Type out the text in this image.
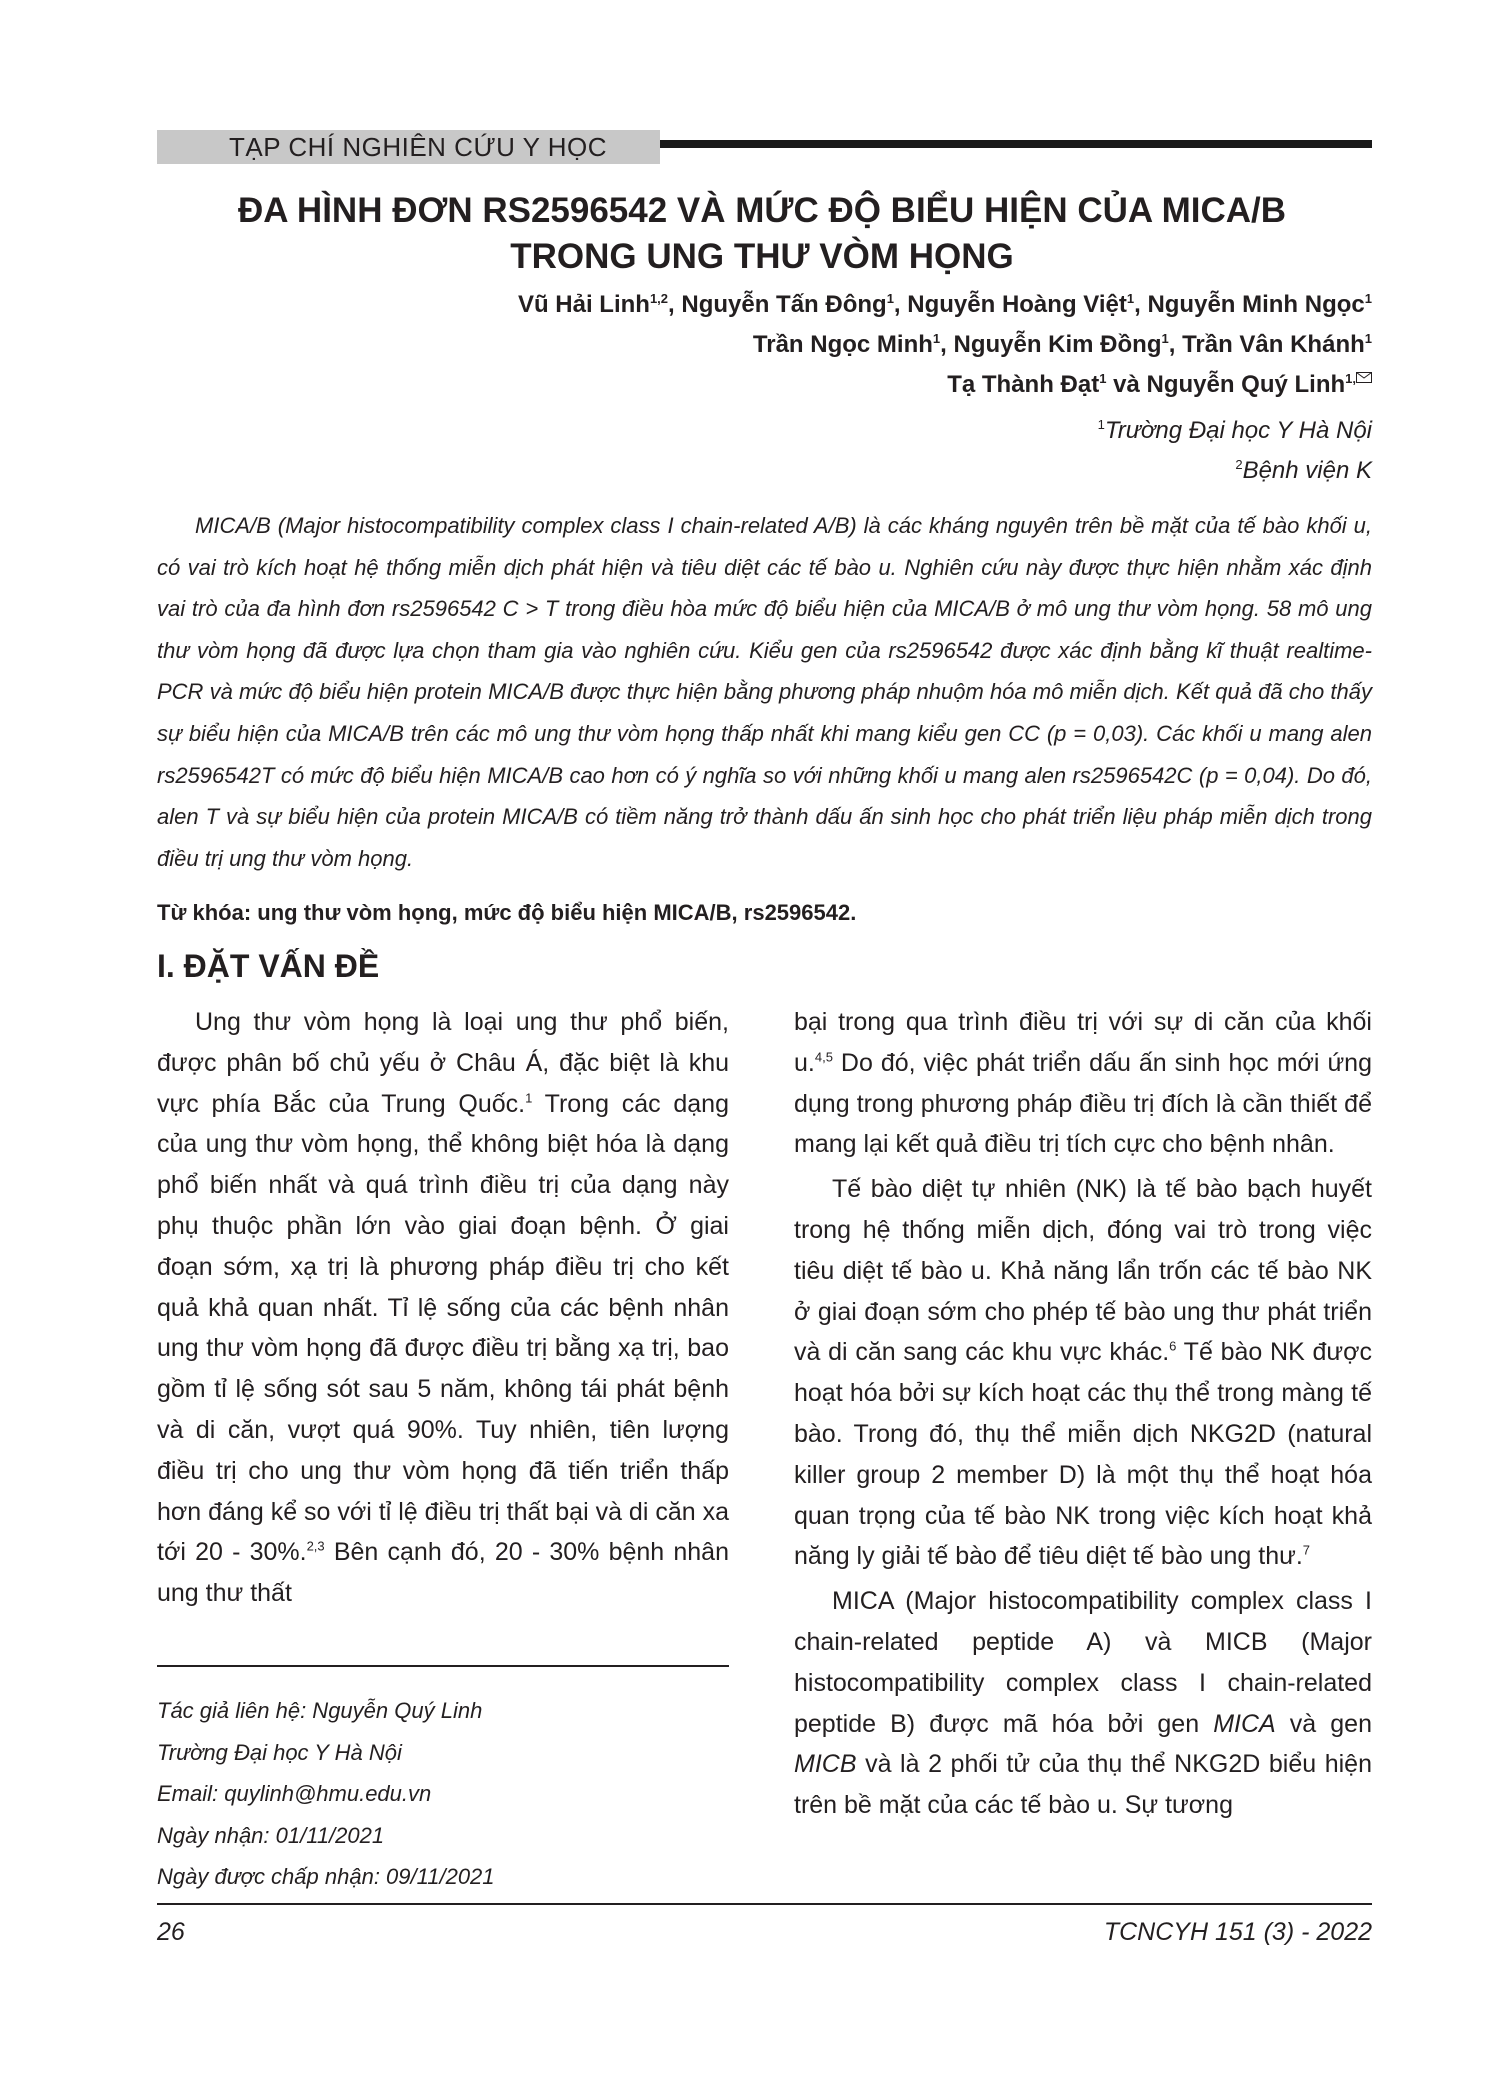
TẠP CHÍ NGHIÊN CỨU Y HỌC
ĐA HÌNH ĐƠN RS2596542 VÀ MỨC ĐỘ BIỂU HIỆN CỦA MICA/B
TRONG UNG THƯ VÒM HỌNG
Vũ Hải Linh$^{1,2}$, Nguyễn Tấn Đông$^1$, Nguyễn Hoàng Việt$^1$, Nguyễn Minh Ngọc$^1$
Trần Ngọc Minh$^1$, Nguyễn Kim Đồng$^1$, Trần Vân Khánh$^1$
Tạ Thành Đạt$^1$ và Nguyễn Quý Linh$^{1,}$
$^1$Trường Đại học Y Hà Nội
$^2$Bệnh viện K

MICA/B (Major histocompatibility complex class I chain-related A/B) là các kháng nguyên trên bề mặt của tế bào khối u, có vai trò kích hoạt hệ thống miễn dịch phát hiện và tiêu diệt các tế bào u. Nghiên cứu này được thực hiện nhằm xác định vai trò của đa hình đơn rs2596542 C > T trong điều hòa mức độ biểu hiện của MICA/B ở mô ung thư vòm họng. 58 mô ung thư vòm họng đã được lựa chọn tham gia vào nghiên cứu. Kiểu gen của rs2596542 được xác định bằng kĩ thuật realtime-PCR và mức độ biểu hiện protein MICA/B được thực hiện bằng phương pháp nhuộm hóa mô miễn dịch. Kết quả đã cho thấy sự biểu hiện của MICA/B trên các mô ung thư vòm họng thấp nhất khi mang kiểu gen CC (p = 0,03). Các khối u mang alen rs2596542T có mức độ biểu hiện MICA/B cao hơn có ý nghĩa so với những khối u mang alen rs2596542C (p = 0,04). Do đó, alen T và sự biểu hiện của protein MICA/B có tiềm năng trở thành dấu ấn sinh học cho phát triển liệu pháp miễn dịch trong điều trị ung thư vòm họng.

Từ khóa: ung thư vòm họng, mức độ biểu hiện MICA/B, rs2596542.
I. ĐẶT VẤN ĐỀ

Ung thư vòm họng là loại ung thư phổ biến, được phân bố chủ yếu ở Châu Á, đặc biệt là khu vực phía Bắc của Trung Quốc.$^1$ Trong các dạng của ung thư vòm họng, thể không biệt hóa là dạng phổ biến nhất và quá trình điều trị của dạng này phụ thuộc phần lớn vào giai đoạn bệnh. Ở giai đoạn sớm, xạ trị là phương pháp điều trị cho kết quả khả quan nhất. Tỉ lệ sống của các bệnh nhân ung thư vòm họng đã được điều trị bằng xạ trị, bao gồm tỉ lệ sống sót sau 5 năm, không tái phát bệnh và di căn, vượt quá 90%. Tuy nhiên, tiên lượng điều trị cho ung thư vòm họng đã tiến triển thấp hơn đáng kể so với tỉ lệ điều trị thất bại và di căn xa tới 20 - 30%.$^{2,3}$ Bên cạnh đó, 20 - 30% bệnh nhân ung thư thất

Tác giả liên hệ: Nguyễn Quý Linh
Trường Đại học Y Hà Nội
Email: quylinh@hmu.edu.vn
Ngày nhận: 01/11/2021
Ngày được chấp nhận: 09/11/2021

bại trong qua trình điều trị với sự di căn của khối u.$^{4,5}$ Do đó, việc phát triển dấu ấn sinh học mới ứng dụng trong phương pháp điều trị đích là cần thiết để mang lại kết quả điều trị tích cực cho bệnh nhân.

Tế bào diệt tự nhiên (NK) là tế bào bạch huyết trong hệ thống miễn dịch, đóng vai trò trong việc tiêu diệt tế bào u. Khả năng lẩn trốn các tế bào NK ở giai đoạn sớm cho phép tế bào ung thư phát triển và di căn sang các khu vực khác.$^6$ Tế bào NK được hoạt hóa bởi sự kích hoạt các thụ thể trong màng tế bào. Trong đó, thụ thể miễn dịch NKG2D (natural killer group 2 member D) là một thụ thể hoạt hóa quan trọng của tế bào NK trong việc kích hoạt khả năng ly giải tế bào để tiêu diệt tế bào ung thư.$^7$

MICA (Major histocompatibility complex class I chain-related peptide A) và MICB (Major histocompatibility complex class I chain-related peptide B) được mã hóa bởi gen MICA và gen MICB và là 2 phối tử của thụ thể NKG2D biểu hiện trên bề mặt của các tế bào u. Sự tương

26	TCNCYH 151 (3) - 2022
